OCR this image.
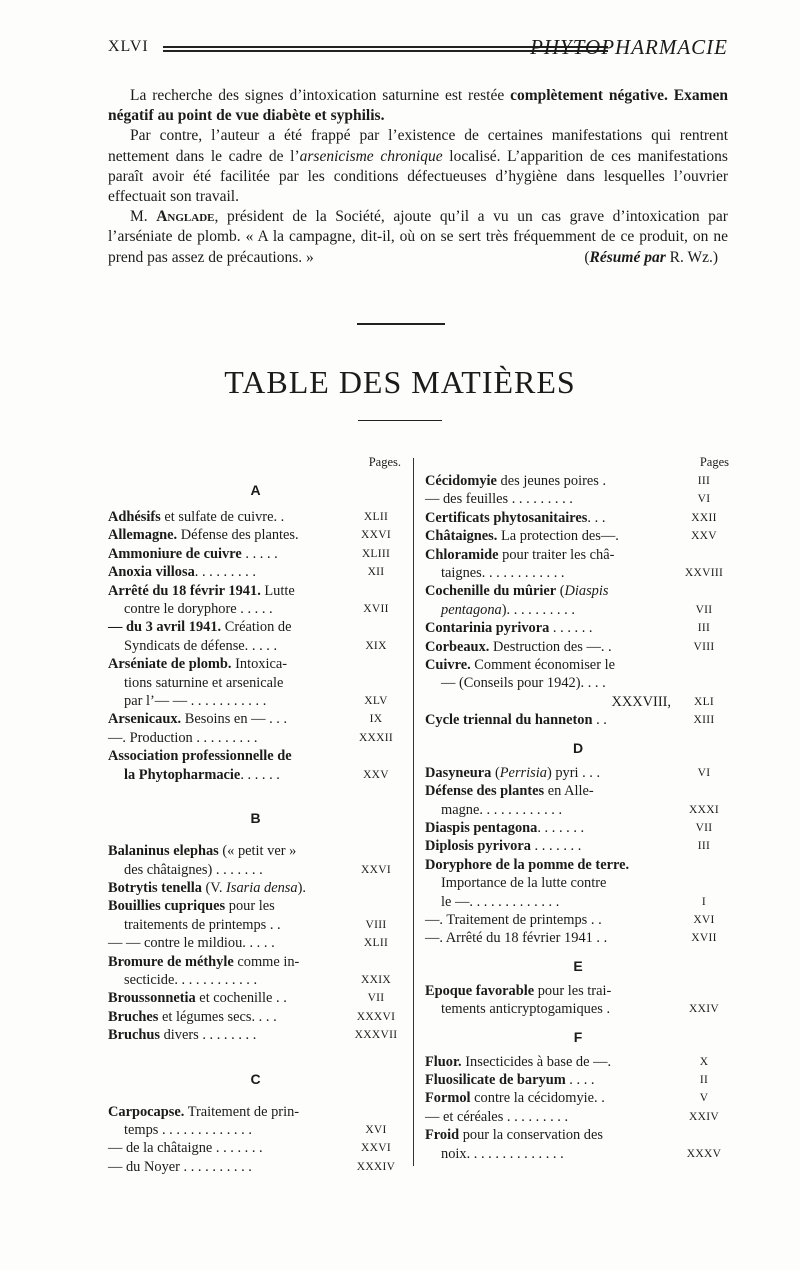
XLVI	PHYTOPHARMACIE

La recherche des signes d’intoxication saturnine est restée complètement négative. Examen négatif au point de vue diabète et syphilis.

Par contre, l’auteur a été frappé par l’existence de certaines manifestations qui rentrent nettement dans le cadre de l’arsenicisme chronique localisé. L’apparition de ces manifestations paraît avoir été facilitée par les conditions défectueuses d’hygiène dans lesquelles l’ouvrier effectuait son travail.

M. Anglade, président de la Société, ajoute qu’il a vu un cas grave d’intoxication par l’arséniate de plomb. « A la campagne, dit-il, où on se sert très fréquemment de ce produit, on ne prend pas assez de précautions. »	(Résumé par R. Wz.)
TABLE DES MATIÈRES
Pages.
A
Adhésifs et sulfate de cuivre. .	XLII
Allemagne. Défense des plantes.	XXVI
Ammoniure de cuivre . . . . .	XLIII
Anoxia villosa. . . . . . . . .	XII
Arrêté du 18 févrir 1941. Lutte
contre le doryphore . . . . .	XVII
— du 3 avril 1941. Création de
Syndicats de défense. . . . .	XIX
Arséniate de plomb. Intoxica-
tions saturnine et arsenicale
par l’— — . . . . . . . . . . .	XLV
Arsenicaux. Besoins en — . . .	IX
—. Production . . . . . . . . .	XXXII
Association professionnelle de
la Phytopharmacie. . . . . .	XXV
B
Balaninus elephas (« petit ver »
des châtaignes) . . . . . . .	XXVI
Botrytis tenella (V. Isaria densa).
Bouillies cupriques pour les
traitements de printemps . .	VIII
— — contre le mildiou. . . . .	XLII
Bromure de méthyle comme in-
secticide. . . . . . . . . . . .	XXIX
Broussonnetia et cochenille . .	VII
Bruches et légumes secs. . . .	XXXVI
Bruchus divers . . . . . . . .	XXXVII
C
Carpocapse. Traitement de prin-
temps . . . . . . . . . . . . .	XVI
— de la châtaigne . . . . . . .	XXVI
— du Noyer . . . . . . . . . .	XXXIV
Pages
Cécidomyie des jeunes poires .	III
— des feuilles . . . . . . . . .	VI
Certificats phytosanitaires. . .	XXII
Châtaignes. La protection des—.	XXV
Chloramide pour traiter les châ-
taignes. . . . . . . . . . . .	XXVIII
Cochenille du mûrier (Diaspis
pentagona). . . . . . . . . .	VII
Contarinia pyrivora . . . . . .	III
Corbeaux. Destruction des —. .	VIII
Cuivre. Comment économiser le
— (Conseils pour 1942). . . .
XXXVIII,	XLI
Cycle triennal du hanneton . .	XIII
D
Dasyneura (Perrisia) pyri . . .	VI
Défense des plantes en Alle-
magne. . . . . . . . . . . .	XXXI
Diaspis pentagona. . . . . . .	VII
Diplosis pyrivora . . . . . . .	III
Doryphore de la pomme de terre.
Importance de la lutte contre
le —. . . . . . . . . . . . .	I
—. Traitement de printemps . .	XVI
—. Arrêté du 18 février 1941 . .	XVII
E
Epoque favorable pour les trai-
tements anticryptogamiques .	XXIV
F
Fluor. Insecticides à base de —.	X
Fluosilicate de baryum . . . .	II
Formol contre la cécidomyie. .	V
— et céréales . . . . . . . . .	XXIV
Froid pour la conservation des
noix. . . . . . . . . . . . . .	XXXV
